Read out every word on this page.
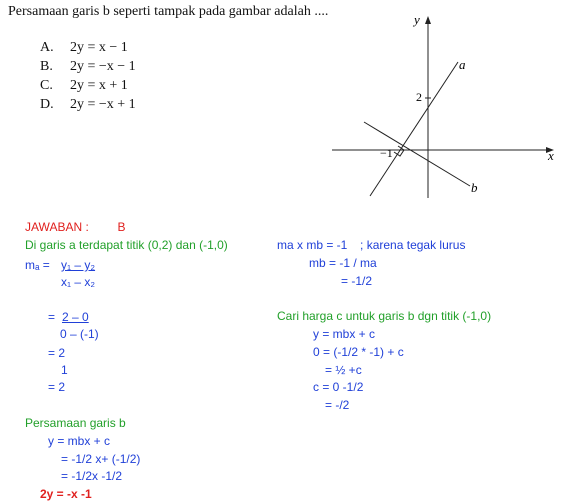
Persamaan garis b seperti tampak pada gambar adalah ....
A. 2y = x − 1
B. 2y = −x − 1
C. 2y = x + 1
D. 2y = −x + 1
y
x
a
b
2
−1
JAWABAN : B
Di garis a terdapat titik (0,2) dan (-1,0)
mₐ = y₁ – y₂
x₁ – x₂
= 2 – 0
0 – (-1)
= 2
1
= 2
Persamaan garis b
y = mbx + c
= -1/2 x+ (-1/2)
= -1/2x -1/2
2y = -x -1
ma x mb = -1 ; karena tegak lurus
mb = -1 / ma
= -1/2
Cari harga c untuk garis b dgn titik (-1,0)
y = mbx + c
0 = (-1/2 * -1) + c
= ½ +c
c = 0 -1/2
= -/2
